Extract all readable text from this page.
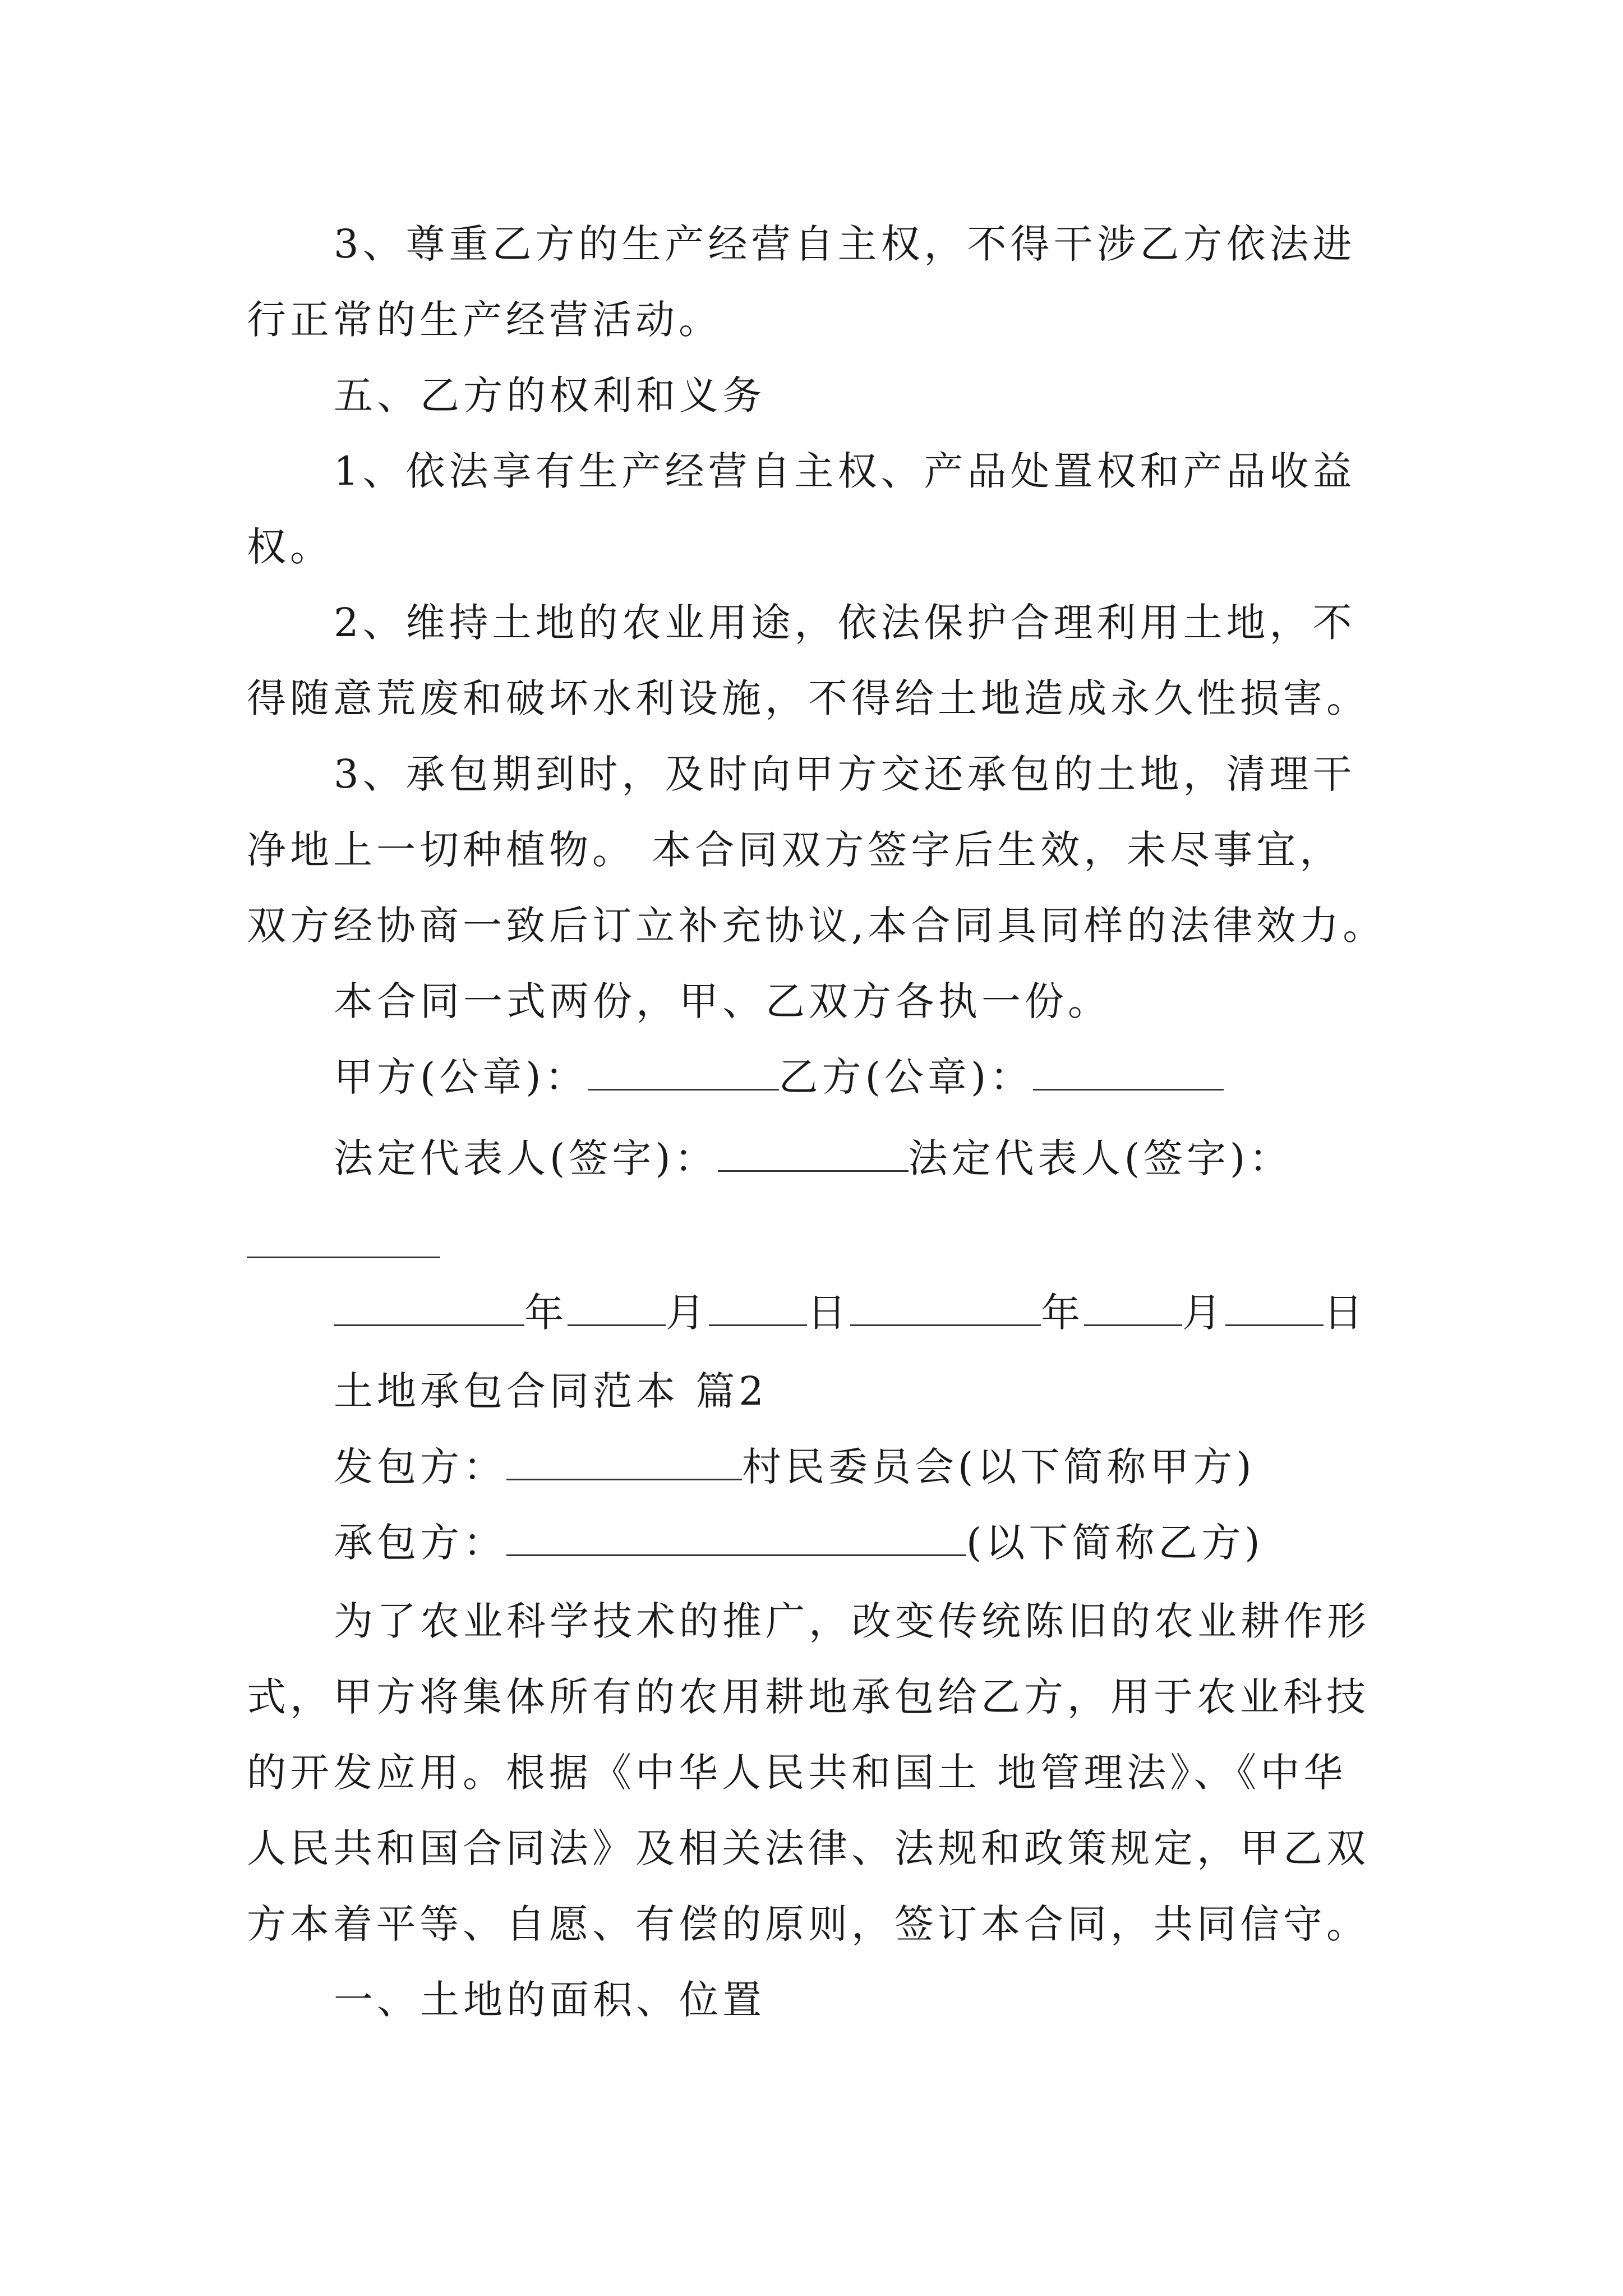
3、尊重乙方的生产经营自主权，不得干涉乙方依法进
行正常的生产经营活动。
五、乙方的权利和义务
1、依法享有生产经营自主权、产品处置权和产品收益
权。
2、维持土地的农业用途，依法保护合理利用土地，不
得随意荒废和破坏水利设施，不得给土地造成永久性损害。
3、承包期到时，及时向甲方交还承包的土地，清理干
净地上一切种植物。 本合同双方签字后生效，未尽事宜，
双方经协商一致后订立补充协议,本合同具同样的法律效力。
本合同一式两份，甲、乙双方各执一份。
甲方(公章)：	乙方(公章)：
法定代表人(签字)：	法定代表人(签字)：
年	月	日	年	月	日
土地承包合同范本 篇2
发包方：	村民委员会(以下简称甲方)
承包方：	(以下简称乙方)
为了农业科学技术的推广，改变传统陈旧的农业耕作形
式，甲方将集体所有的农用耕地承包给乙方，用于农业科技
的开发应用。根据《中华人民共和国土 地管理法》、《中华
人民共和国合同法》及相关法律、法规和政策规定，甲乙双
方本着平等、自愿、有偿的原则，签订本合同，共同信守。
一、土地的面积、位置
